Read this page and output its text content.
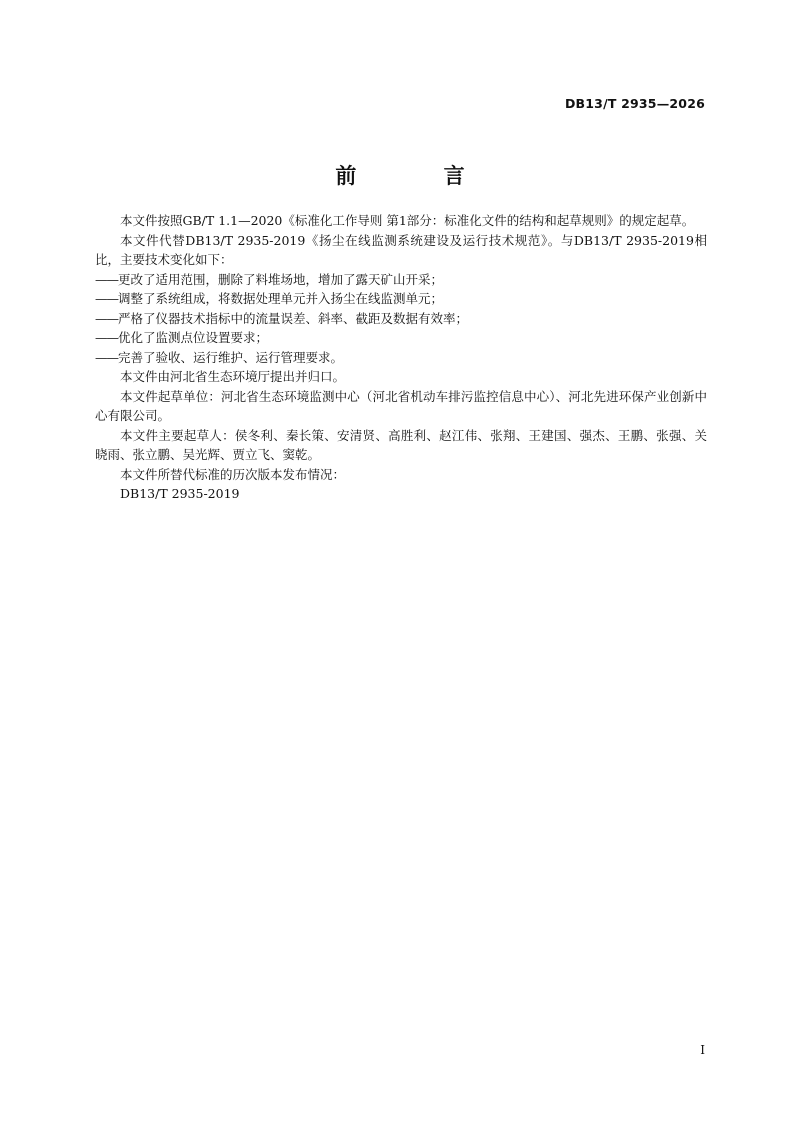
DB13/T 2935—2026
前 言

本文件按照GB/T 1.1—2020《标准化工作导则 第1部分：标准化文件的结构和起草规则》的规定起草。

本文件代替DB13/T 2935-2019《扬尘在线监测系统建设及运行技术规范》。与DB13/T 2935-2019相比，主要技术变化如下：

——更改了适用范围，删除了料堆场地，增加了露天矿山开采；

——调整了系统组成，将数据处理单元并入扬尘在线监测单元；

——严格了仪器技术指标中的流量误差、斜率、截距及数据有效率；

——优化了监测点位设置要求；

——完善了验收、运行维护、运行管理要求。

本文件由河北省生态环境厅提出并归口。

本文件起草单位：河北省生态环境监测中心（河北省机动车排污监控信息中心）、河北先进环保产业创新中心有限公司。

本文件主要起草人：侯冬利、秦长策、安清贤、高胜利、赵江伟、张翔、王建国、强杰、王鹏、张强、关晓雨、张立鹏、吴光辉、贾立飞、窦乾。

本文件所替代标准的历次版本发布情况：

DB13/T 2935-2019

I
